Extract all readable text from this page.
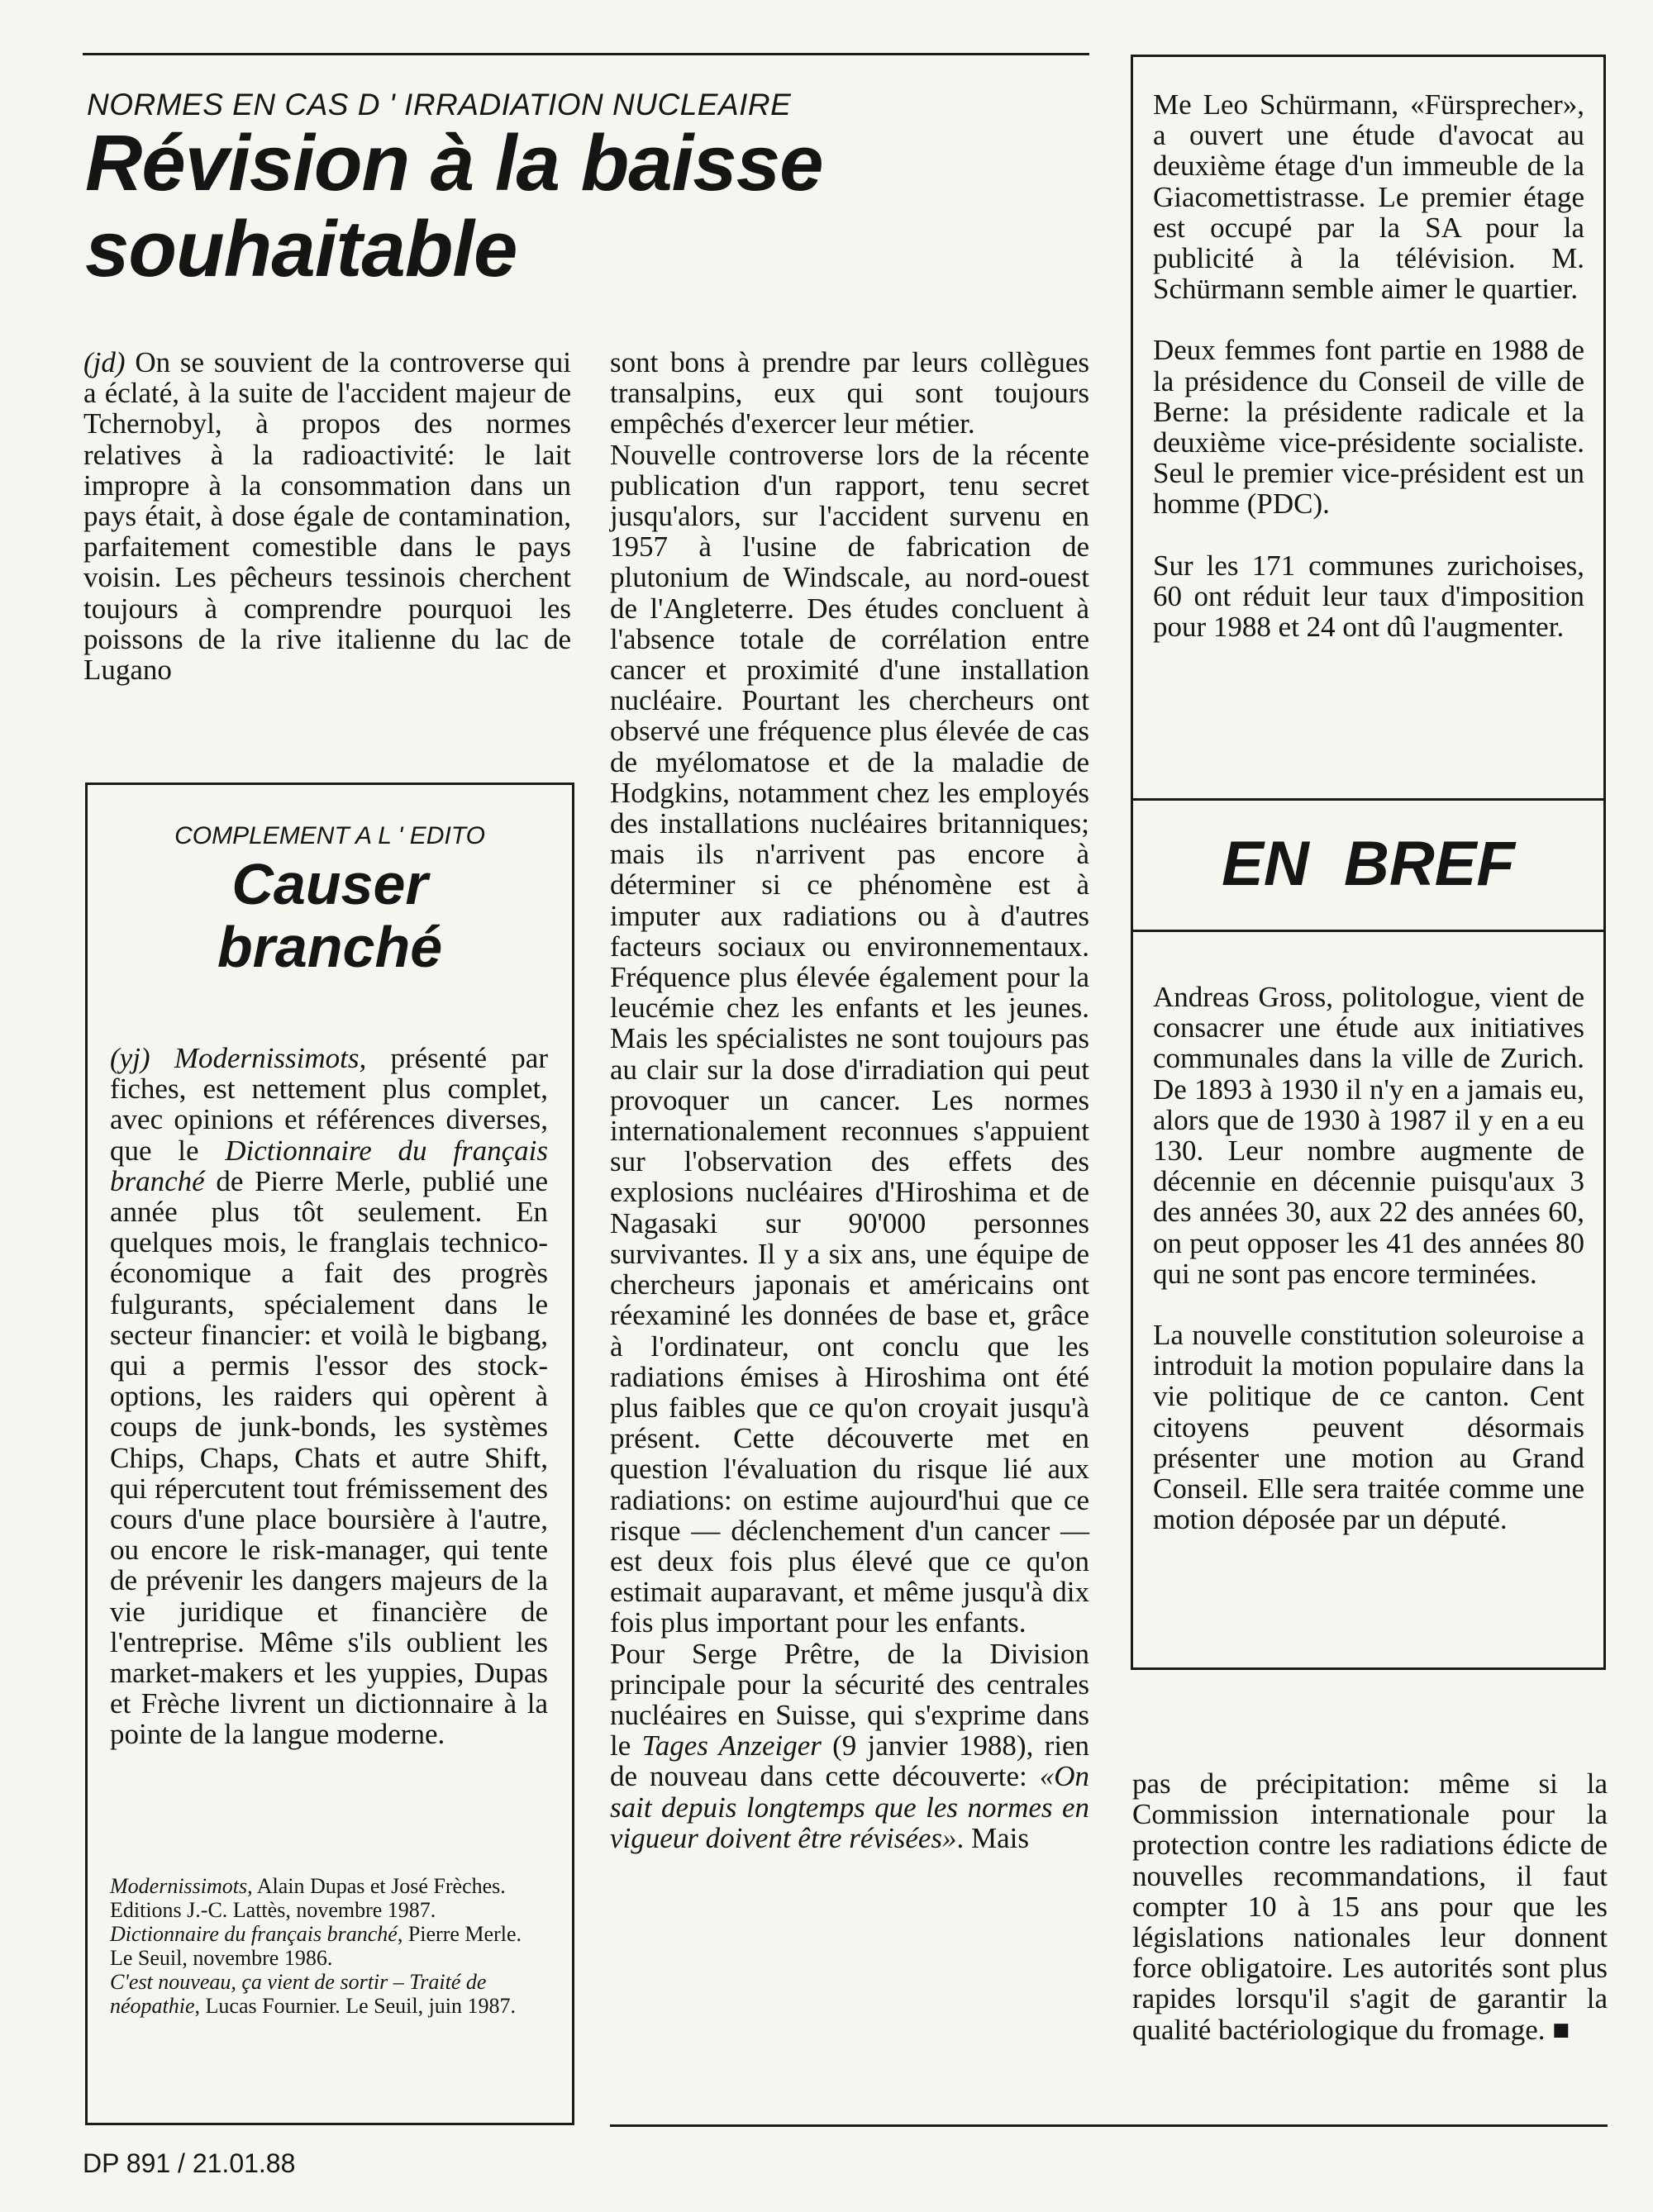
NORMES EN CAS D ' IRRADIATION NUCLEAIRE
Révision à la baisse
souhaitable

(jd) On se souvient de la controverse qui a éclaté, à la suite de l'accident majeur de Tchernobyl, à propos des normes relatives à la radioactivité: le lait impropre à la consommation dans un pays était, à dose égale de contamination, parfaitement comestible dans le pays voisin. Les pêcheurs tessinois cherchent toujours à comprendre pourquoi les poissons de la rive italienne du lac de Lugano

COMPLEMENT A L ' EDITO
Causer
branché

(yj) Modernissimots, présenté par fiches, est nettement plus complet, avec opinions et références diverses, que le Dictionnaire du français branché de Pierre Merle, publié une année plus tôt seulement. En quelques mois, le franglais technico-économique a fait des progrès fulgurants, spécialement dans le secteur financier: et voilà le bigbang, qui a permis l'essor des stock-options, les raiders qui opèrent à coups de junk-bonds, les systèmes Chips, Chaps, Chats et autre Shift, qui répercutent tout frémissement des cours d'une place boursière à l'autre, ou encore le risk-manager, qui tente de prévenir les dangers majeurs de la vie juridique et financière de l'entreprise. Même s'ils oublient les market-makers et les yuppies, Dupas et Frèche livrent un dictionnaire à la pointe de la langue moderne.

Modernissimots, Alain Dupas et José Frèches. Editions J.-C. Lattès, novembre 1987.

Dictionnaire du français branché, Pierre Merle. Le Seuil, novembre 1986.

C'est nouveau, ça vient de sortir – Traité de néopathie, Lucas Fournier. Le Seuil, juin 1987.

sont bons à prendre par leurs collègues transalpins, eux qui sont toujours empêchés d'exercer leur métier.

Nouvelle controverse lors de la récente publication d'un rapport, tenu secret jusqu'alors, sur l'accident survenu en 1957 à l'usine de fabrication de plutonium de Windscale, au nord-ouest de l'Angleterre. Des études concluent à l'absence totale de corrélation entre cancer et proximité d'une installation nucléaire. Pourtant les chercheurs ont observé une fréquence plus élevée de cas de myélomatose et de la maladie de Hodgkins, notamment chez les employés des installations nucléaires britanniques; mais ils n'arrivent pas encore à déterminer si ce phénomène est à imputer aux radiations ou à d'autres facteurs sociaux ou environnementaux. Fréquence plus élevée également pour la leucémie chez les enfants et les jeunes. Mais les spécialistes ne sont toujours pas au clair sur la dose d'irradiation qui peut provoquer un cancer. Les normes internationalement reconnues s'appuient sur l'observation des effets des explosions nucléaires d'Hiroshima et de Nagasaki sur 90'000 personnes survivantes. Il y a six ans, une équipe de chercheurs japonais et américains ont réexaminé les données de base et, grâce à l'ordinateur, ont conclu que les radiations émises à Hiroshima ont été plus faibles que ce qu'on croyait jusqu'à présent. Cette découverte met en question l'évaluation du risque lié aux radiations: on estime aujourd'hui que ce risque — déclenchement d'un cancer — est deux fois plus élevé que ce qu'on estimait auparavant, et même jusqu'à dix fois plus important pour les enfants.

Pour Serge Prêtre, de la Division principale pour la sécurité des centrales nucléaires en Suisse, qui s'exprime dans le Tages Anzeiger (9 janvier 1988), rien de nouveau dans cette découverte: «On sait depuis longtemps que les normes en vigueur doivent être révisées». Mais

EN  BREF

Me Leo Schürmann, «Fürsprecher», a ouvert une étude d'avocat au deuxième étage d'un immeuble de la Giacomettistrasse. Le premier étage est occupé par la SA pour la publicité à la télévision. M. Schürmann semble aimer le quartier.

Deux femmes font partie en 1988 de la présidence du Conseil de ville de Berne: la présidente radicale et la deuxième vice-présidente socialiste. Seul le premier vice-président est un homme (PDC).

Sur les 171 communes zurichoises, 60 ont réduit leur taux d'imposition pour 1988 et 24 ont dû l'augmenter.

Andreas Gross, politologue, vient de consacrer une étude aux initiatives communales dans la ville de Zurich. De 1893 à 1930 il n'y en a jamais eu, alors que de 1930 à 1987 il y en a eu 130. Leur nombre augmente de décennie en décennie puisqu'aux 3 des années 30, aux 22 des années 60, on peut opposer les 41 des années 80 qui ne sont pas encore terminées.

La nouvelle constitution soleuroise a introduit la motion populaire dans la vie politique de ce canton. Cent citoyens peuvent désormais présenter une motion au Grand Conseil. Elle sera traitée comme une motion déposée par un député.

pas de précipitation: même si la Commission internationale pour la protection contre les radiations édicte de nouvelles recommandations, il faut compter 10 à 15 ans pour que les législations nationales leur donnent force obligatoire. Les autorités sont plus rapides lorsqu'il s'agit de garantir la qualité bactériologique du fromage. ■

DP 891 / 21.01.88
